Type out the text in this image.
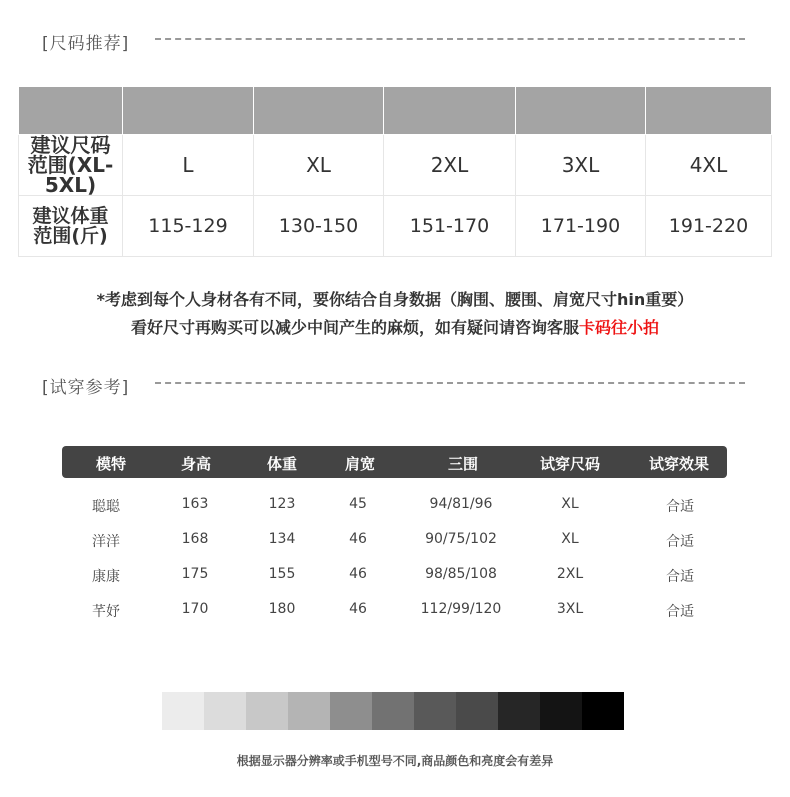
[尺码推荐]

建议尺码
范围(XL-5XL)	L	XL	2XL	3XL	4XL

建议体重
范围(斤)	115-129	130-150	151-170	171-190	191-220
*考虑到每个人身材各有不同，要你结合自身数据（胸围、腰围、肩宽尺寸hin重要）
看好尺寸再购买可以减少中间产生的麻烦，如有疑问请咨询客服卡码往小拍
[试穿参考]
模特	身高	体重	肩宽	三围	试穿尺码	试穿效果
聪聪	163	123	45	94/81/96	XL	合适
洋洋	168	134	46	90/75/102	XL	合适
康康	175	155	46	98/85/108	2XL	合适
芊妤	170	180	46	112/99/120	3XL	合适
根据显示器分辨率或手机型号不同,商品颜色和亮度会有差异
